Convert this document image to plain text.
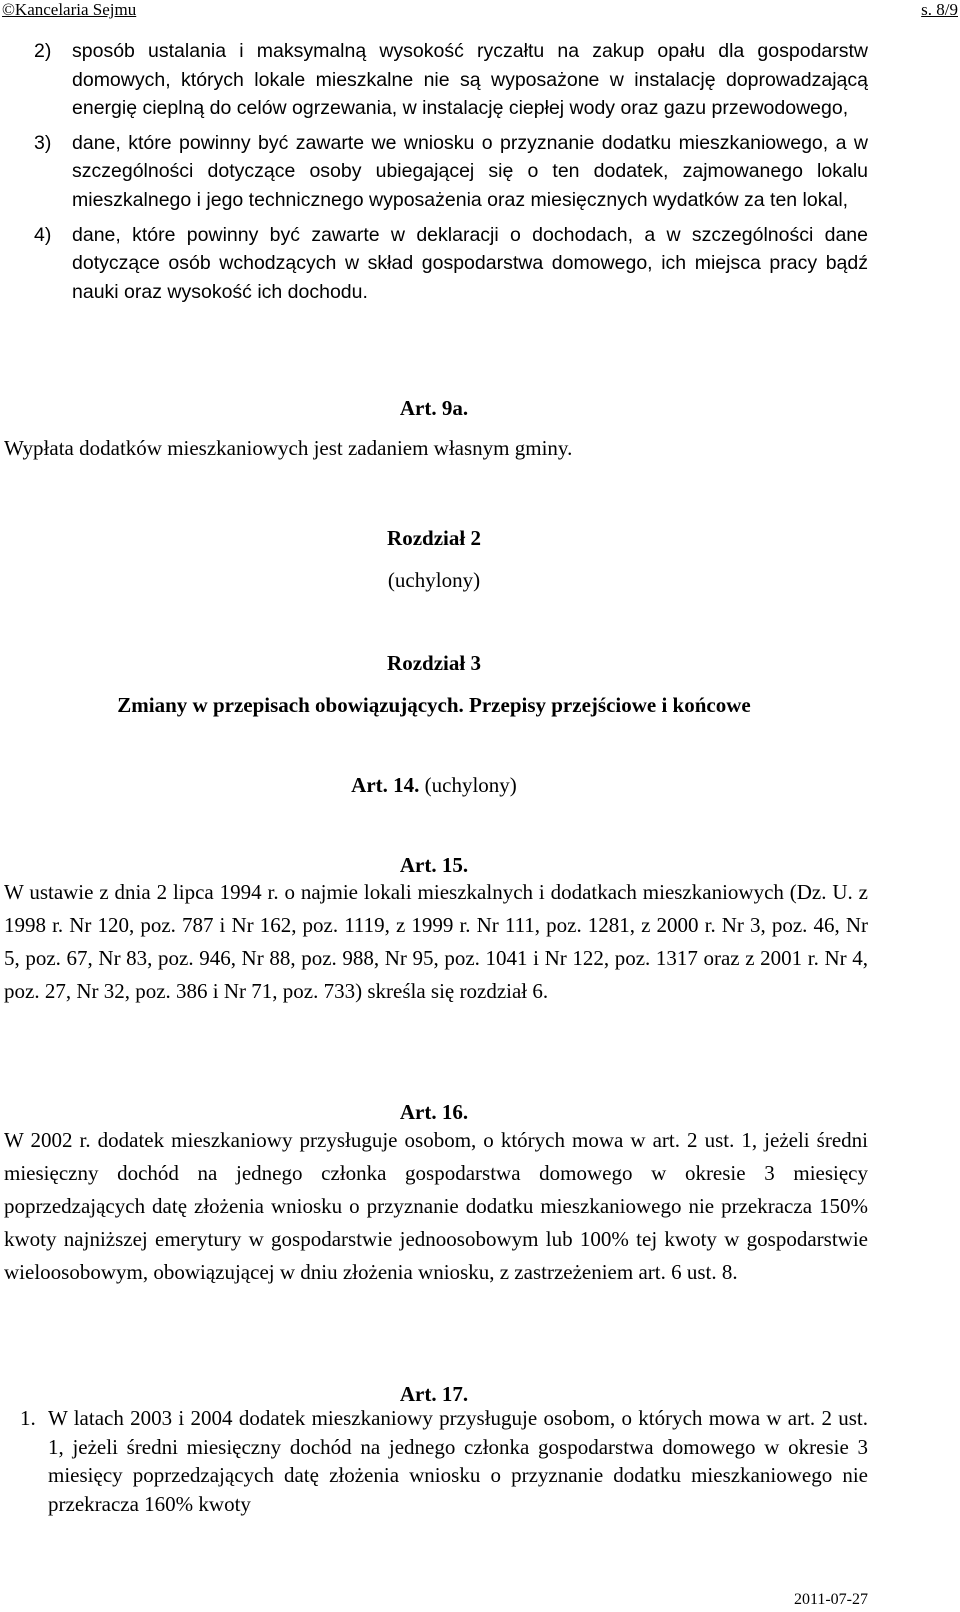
©Kancelaria Sejmu	s. 8/9
2) sposób ustalania i maksymalną wysokość ryczałtu na zakup opału dla gospodarstw domowych, których lokale mieszkalne nie są wyposażone w instalację doprowadzającą energię cieplną do celów ogrzewania, w instalację ciepłej wody oraz gazu przewodowego,
3) dane, które powinny być zawarte we wniosku o przyznanie dodatku mieszkaniowego, a w szczególności dotyczące osoby ubiegającej się o ten dodatek, zajmowanego lokalu mieszkalnego i jego technicznego wyposażenia oraz miesięcznych wydatków za ten lokal,
4) dane, które powinny być zawarte w deklaracji o dochodach, a w szczególności dane dotyczące osób wchodzących w skład gospodarstwa domowego, ich miejsca pracy bądź nauki oraz wysokość ich dochodu.
Art. 9a.
Wypłata dodatków mieszkaniowych jest zadaniem własnym gminy.
Rozdział 2
(uchylony)
Rozdział 3
Zmiany w przepisach obowiązujących. Przepisy przejściowe i końcowe
Art. 14. (uchylony)
Art. 15.
W ustawie z dnia 2 lipca 1994 r. o najmie lokali mieszkalnych i dodatkach mieszkaniowych (Dz. U. z 1998 r. Nr 120, poz. 787 i Nr 162, poz. 1119, z 1999 r. Nr 111, poz. 1281, z 2000 r. Nr 3, poz. 46, Nr 5, poz. 67, Nr 83, poz. 946, Nr 88, poz. 988, Nr 95, poz. 1041 i Nr 122, poz. 1317 oraz z 2001 r. Nr 4, poz. 27, Nr 32, poz. 386 i Nr 71, poz. 733) skreśla się rozdział 6.
Art. 16.
W 2002 r. dodatek mieszkaniowy przysługuje osobom, o których mowa w art. 2 ust. 1, jeżeli średni miesięczny dochód na jednego członka gospodarstwa domowego w okresie 3 miesięcy poprzedzających datę złożenia wniosku o przyznanie dodatku mieszkaniowego nie przekracza 150% kwoty najniższej emerytury w gospodarstwie jednoosobowym lub 100% tej kwoty w gospodarstwie wieloosobowym, obowiązującej w dniu złożenia wniosku, z zastrzeżeniem art. 6 ust. 8.
Art. 17.
1. W latach 2003 i 2004 dodatek mieszkaniowy przysługuje osobom, o których mowa w art. 2 ust. 1, jeżeli średni miesięczny dochód na jednego członka gospodarstwa domowego w okresie 3 miesięcy poprzedzających datę złożenia wniosku o przyznanie dodatku mieszkaniowego nie przekracza 160% kwoty
2011-07-27
